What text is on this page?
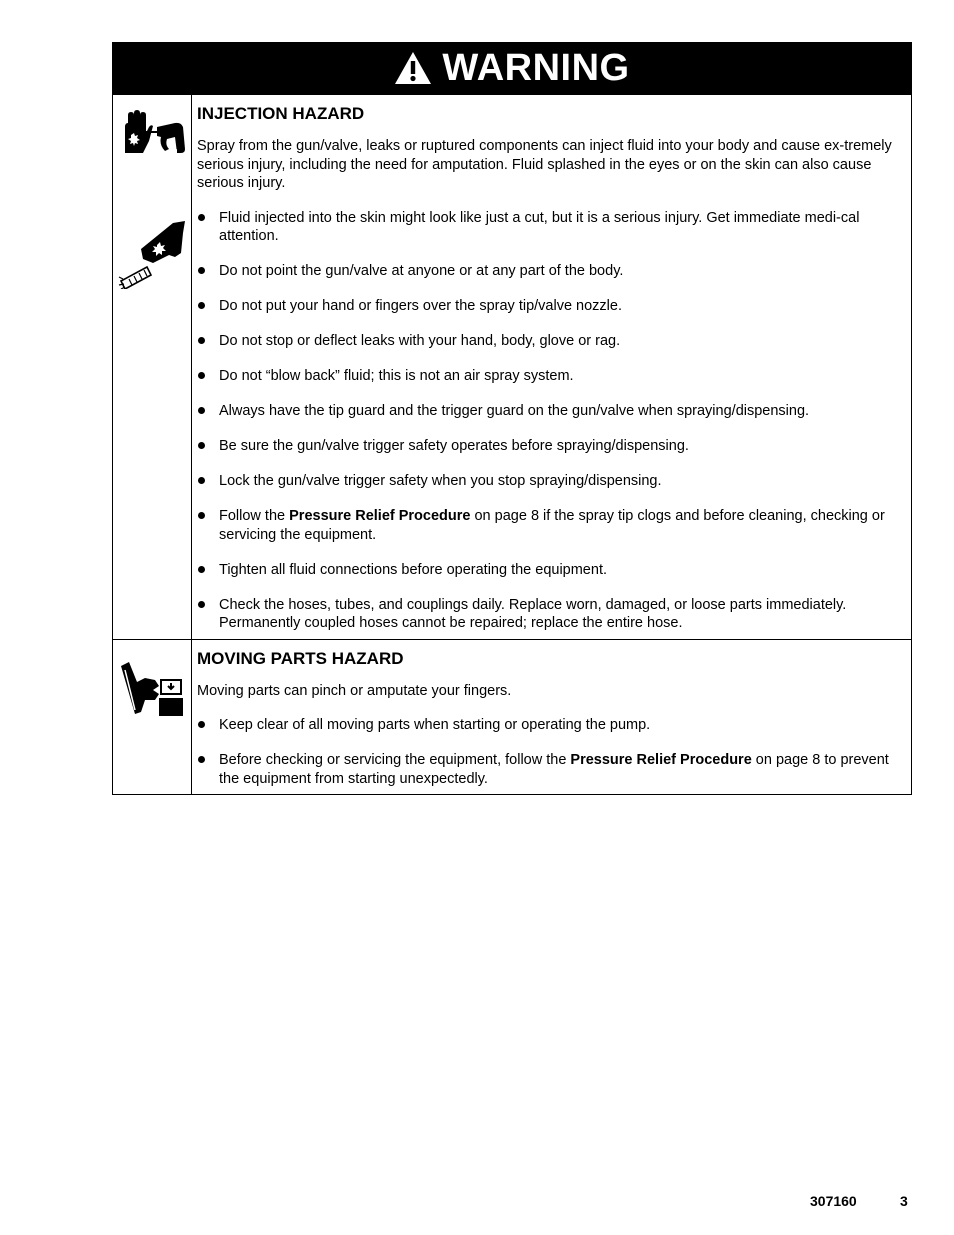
WARNING
INJECTION HAZARD

Spray from the gun/valve, leaks or ruptured components can inject fluid into your body and cause ex-tremely serious injury, including the need for amputation. Fluid splashed in the eyes or on the skin can also cause serious injury.

Fluid injected into the skin might look like just a cut, but it is a serious injury. Get immediate medi-cal attention.
Do not point the gun/valve at anyone or at any part of the body.
Do not put your hand or fingers over the spray tip/valve nozzle.
Do not stop or deflect leaks with your hand, body, glove or rag.
Do not “blow back” fluid; this is not an air spray system.
Always have the tip guard and the trigger guard on the gun/valve when spraying/dispensing.
Be sure the gun/valve trigger safety operates before spraying/dispensing.
Lock the gun/valve trigger safety when you stop spraying/dispensing.
Follow the Pressure Relief Procedure on page 8 if the spray tip clogs and before cleaning, checking or servicing the equipment.
Tighten all fluid connections before operating the equipment.
Check the hoses, tubes, and couplings daily. Replace worn, damaged, or loose parts immediately. Permanently coupled hoses cannot be repaired; replace the entire hose.
MOVING PARTS HAZARD

Moving parts can pinch or amputate your fingers.

Keep clear of all moving parts when starting or operating the pump.
Before checking or servicing the equipment, follow the Pressure Relief Procedure on page 8 to prevent the equipment from starting unexpectedly.
307160	3
